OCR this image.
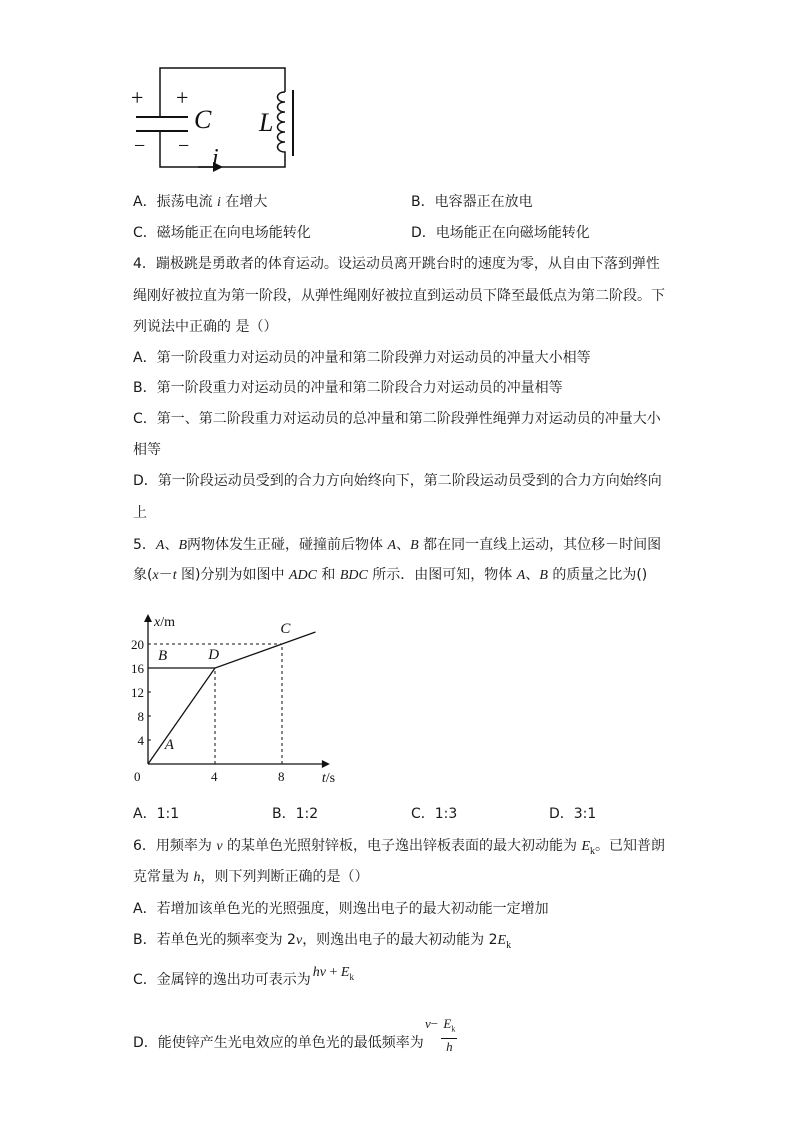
+ +
− −
C L
i
A．振荡电流 i 在增大	B．电容器正在放电
C．磁场能正在向电场能转化	D．电场能正在向磁场能转化
4．蹦极跳是勇敢者的体育运动。设运动员离开跳台时的速度为零，从自由下落到弹性
绳刚好被拉直为第一阶段，从弹性绳刚好被拉直到运动员下降至最低点为第二阶段。下
列说法中正确的 是（）
A．第一阶段重力对运动员的冲量和第二阶段弹力对运动员的冲量大小相等
B．第一阶段重力对运动员的冲量和第二阶段合力对运动员的冲量相等
C．第一、第二阶段重力对运动员的总冲量和第二阶段弹性绳弹力对运动员的冲量大小
相等
D．第一阶段运动员受到的合力方向始终向下，第二阶段运动员受到的合力方向始终向
上
5．A、B两物体发生正碰，碰撞前后物体 A、B 都在同一直线上运动，其位移－时间图
象(x－t 图)分别为如图中 ADC 和 BDC 所示．由图可知，物体 A、B 的质量之比为()
x/m
t/s
0	4	8
4
8
12
16
20
A
B	D
C
A．1:1	B．1:2	C．1:3	D．3:1
6．用频率为 ν 的某单色光照射锌板，电子逸出锌板表面的最大初动能为 $E_k$。已知普朗
克常量为 h，则下列判断正确的是（）
A．若增加该单色光的光照强度，则逸出电子的最大初动能一定增加
B．若单色光的频率变为 2ν，则逸出电子的最大初动能为 $2E_k$
C．金属锌的逸出功可表示为 $h\nu + E_k$
D．能使锌产生光电效应的单色光的最低频率为
$\nu- \frac{E_k}{h}$
